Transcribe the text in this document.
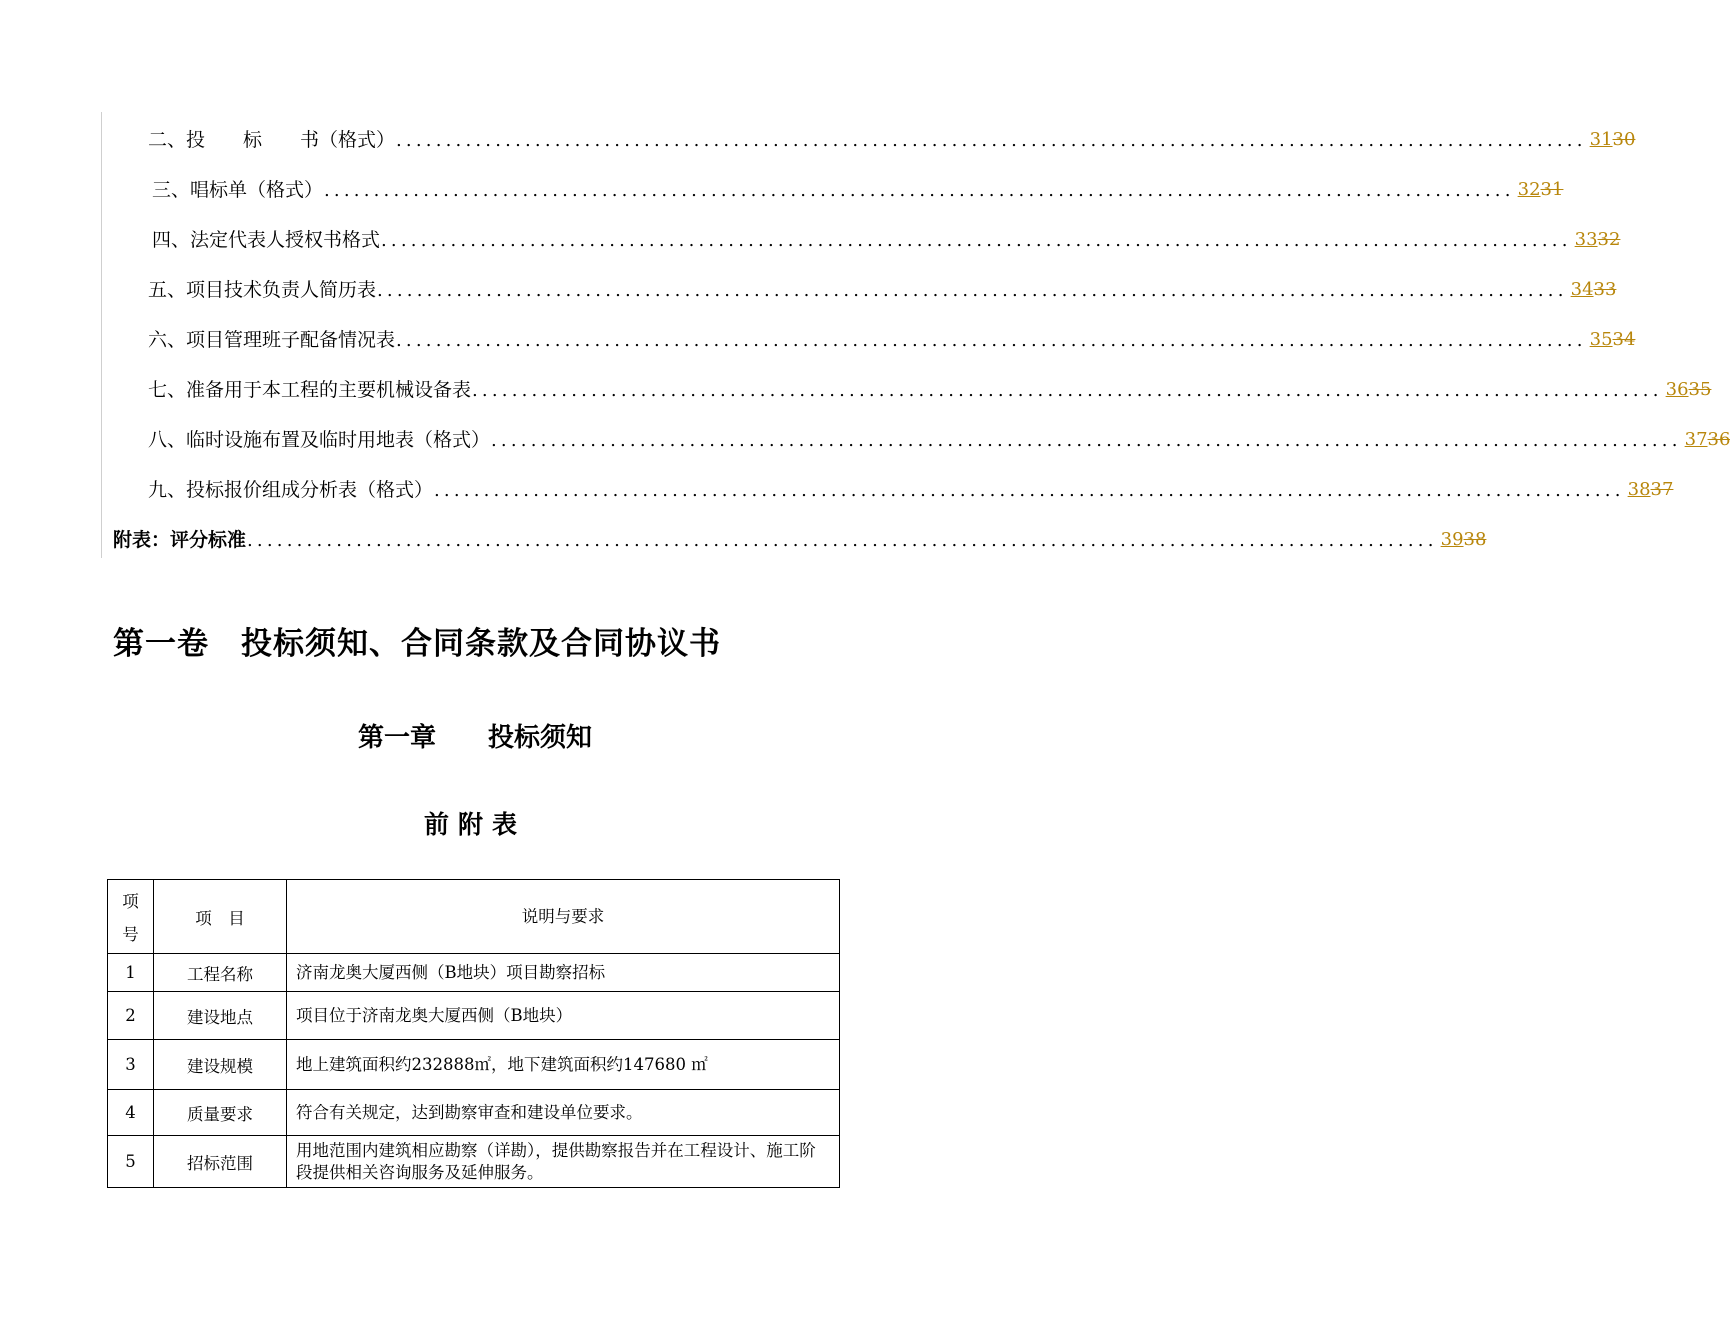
二、投　　标　　书（格式） ........................................................................................................................ 3130
三、唱标单（格式） ........................................................................................................................ 3231
四、法定代表人授权书格式 ........................................................................................................................ 3332
五、项目技术负责人简历表 ........................................................................................................................ 3433
六、项目管理班子配备情况表 ........................................................................................................................ 3534
七、准备用于本工程的主要机械设备表 ........................................................................................................................ 3635
八、临时设施布置及临时用地表（格式） ........................................................................................................................ 3736
九、投标报价组成分析表（格式） ........................................................................................................................ 3837
附表：评分标准 ........................................................................................................................ 3938
第一卷　投标须知、合同条款及合同协议书
第一章　　投标须知
前附表
项
号	项　目	说明与要求
1	工程名称	济南龙奥大厦西侧（B地块）项目勘察招标
2	建设地点	项目位于济南龙奥大厦西侧（B地块）
3	建设规模	地上建筑面积约232888㎡，地下建筑面积约147680 ㎡
4	质量要求	符合有关规定，达到勘察审查和建设单位要求。
5	招标范围	用地范围内建筑相应勘察（详勘），提供勘察报告并在工程设计、施工阶段提供相关咨询服务及延伸服务。
